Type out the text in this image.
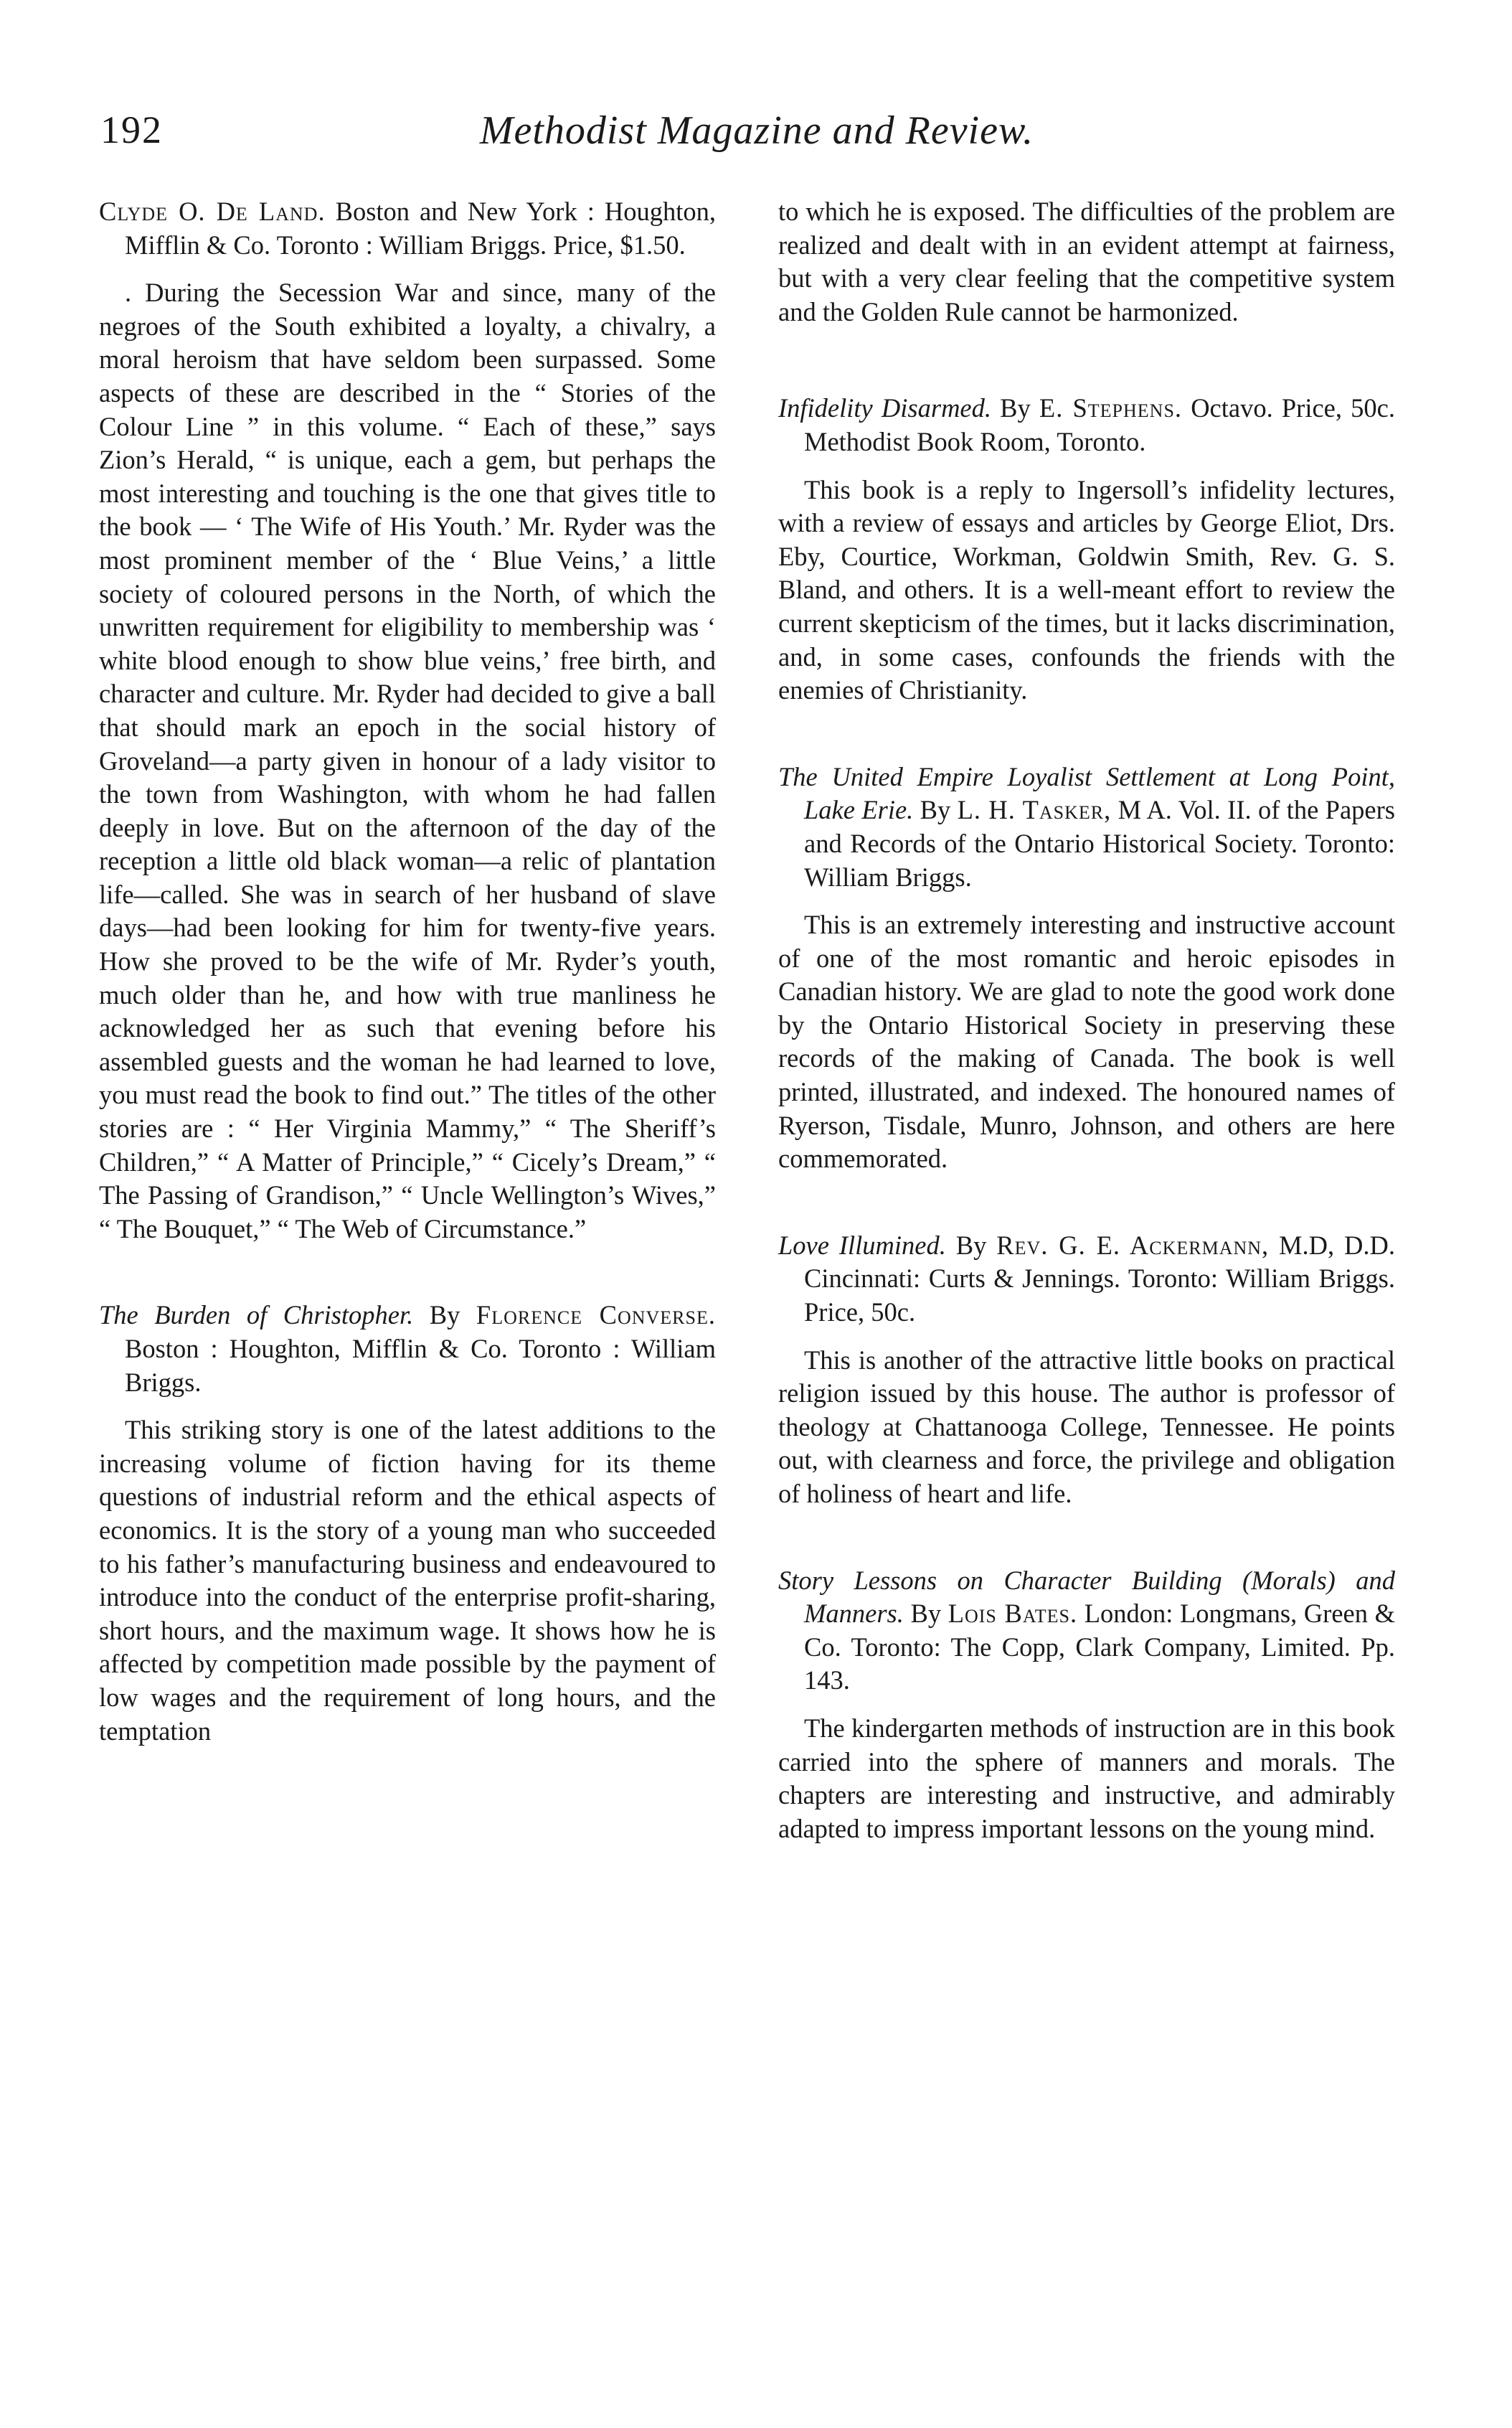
192	Methodist Magazine and Review.

Clyde O. De Land. Boston and New York : Houghton, Mifflin & Co. Toronto : William Briggs. Price, $1.50.

. During the Secession War and since, many of the negroes of the South exhibited a loyalty, a chivalry, a moral heroism that have seldom been surpassed. Some aspects of these are described in the “ Stories of the Colour Line ” in this volume. “ Each of these,” says Zion’s Herald, “ is unique, each a gem, but perhaps the most interesting and touching is the one that gives title to the book — ‘ The Wife of His Youth.’ Mr. Ryder was the most prominent member of the ‘ Blue Veins,’ a little society of coloured persons in the North, of which the unwritten requirement for eligibility to membership was ‘ white blood enough to show blue veins,’ free birth, and character and culture. Mr. Ryder had decided to give a ball that should mark an epoch in the social history of Groveland—a party given in honour of a lady visitor to the town from Washington, with whom he had fallen deeply in love. But on the afternoon of the day of the reception a little old black woman—a relic of plantation life—called. She was in search of her husband of slave days—had been looking for him for twenty-five years. How she proved to be the wife of Mr. Ryder’s youth, much older than he, and how with true manliness he acknowledged her as such that evening before his assembled guests and the woman he had learned to love, you must read the book to find out.” The titles of the other stories are : “ Her Virginia Mammy,” “ The Sheriff’s Children,” “ A Matter of Principle,” “ Cicely’s Dream,” “ The Passing of Grandison,” “ Uncle Wellington’s Wives,” “ The Bouquet,” “ The Web of Circumstance.”

The Burden of Christopher. By Florence Converse. Boston : Houghton, Mifflin & Co. Toronto : William Briggs.

This striking story is one of the latest additions to the increasing volume of fiction having for its theme questions of industrial reform and the ethical aspects of economics. It is the story of a young man who succeeded to his father’s manufacturing business and endeavoured to introduce into the conduct of the enterprise profit-sharing, short hours, and the maximum wage. It shows how he is affected by competition made possible by the payment of low wages and the requirement of long hours, and the temptation

to which he is exposed. The difficulties of the problem are realized and dealt with in an evident attempt at fairness, but with a very clear feeling that the competitive system and the Golden Rule cannot be harmonized.

Infidelity Disarmed. By E. Stephens. Octavo. Price, 50c. Methodist Book Room, Toronto.

This book is a reply to Ingersoll’s infidelity lectures, with a review of essays and articles by George Eliot, Drs. Eby, Courtice, Workman, Goldwin Smith, Rev. G. S. Bland, and others. It is a well-meant effort to review the current skepticism of the times, but it lacks discrimination, and, in some cases, confounds the friends with the enemies of Christianity.

The United Empire Loyalist Settlement at Long Point, Lake Erie. By L. H. Tasker, M A. Vol. II. of the Papers and Records of the Ontario Historical Society. Toronto: William Briggs.

This is an extremely interesting and instructive account of one of the most romantic and heroic episodes in Canadian history. We are glad to note the good work done by the Ontario Historical Society in preserving these records of the making of Canada. The book is well printed, illustrated, and indexed. The honoured names of Ryerson, Tisdale, Munro, Johnson, and others are here commemorated.

Love Illumined. By Rev. G. E. Ackermann, M.D, D.D. Cincinnati: Curts & Jennings. Toronto: William Briggs. Price, 50c.

This is another of the attractive little books on practical religion issued by this house. The author is professor of theology at Chattanooga College, Tennessee. He points out, with clearness and force, the privilege and obligation of holiness of heart and life.

Story Lessons on Character Building (Morals) and Manners. By Lois Bates. London: Longmans, Green & Co. Toronto: The Copp, Clark Company, Limited. Pp. 143.

The kindergarten methods of instruction are in this book carried into the sphere of manners and morals. The chapters are interesting and instructive, and admirably adapted to impress important lessons on the young mind.
